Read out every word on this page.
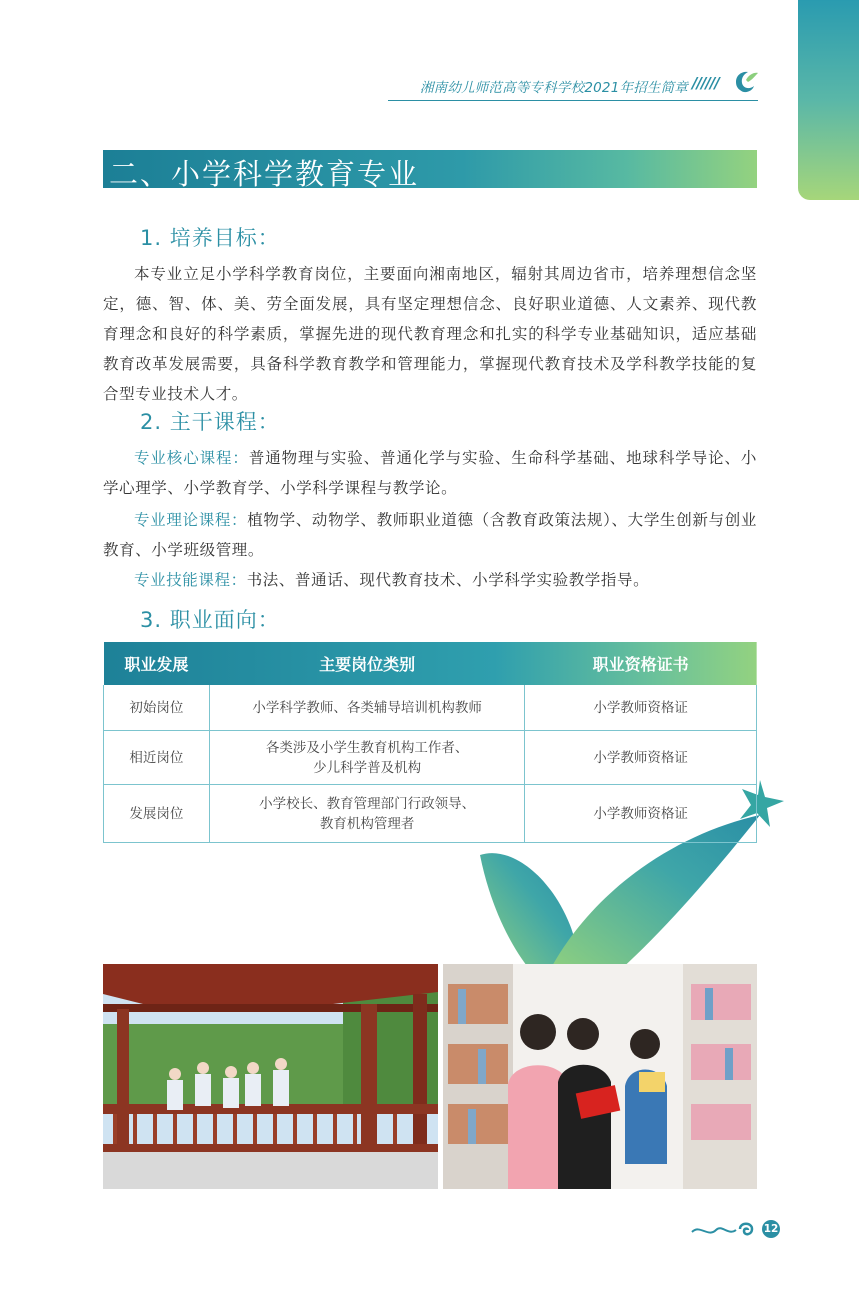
湘南幼儿师范高等专科学校2021年招生简章 //////
二、小学科学教育专业
1. 培养目标：

本专业立足小学科学教育岗位，主要面向湘南地区，辐射其周边省市，培养理想信念坚定，德、智、体、美、劳全面发展，具有坚定理想信念、良好职业道德、人文素养、现代教育理念和良好的科学素质，掌握先进的现代教育理念和扎实的科学专业基础知识，适应基础教育改革发展需要，具备科学教育教学和管理能力，掌握现代教育技术及学科教学技能的复合型专业技术人才。

2. 主干课程：

专业核心课程：普通物理与实验、普通化学与实验、生命科学基础、地球科学导论、小学心理学、小学教育学、小学科学课程与教学论。

专业理论课程：植物学、动物学、教师职业道德（含教育政策法规）、大学生创新与创业教育、小学班级管理。

专业技能课程：书法、普通话、现代教育技术、小学科学实验教学指导。

3. 职业面向：
职业发展	主要岗位类别	职业资格证书
初始岗位	小学科学教师、各类辅导培训机构教师	小学教师资格证
相近岗位	各类涉及小学生教育机构工作者、
少儿科学普及机构	小学教师资格证
发展岗位	小学校长、教育管理部门行政领导、
教育机构管理者	小学教师资格证
12
